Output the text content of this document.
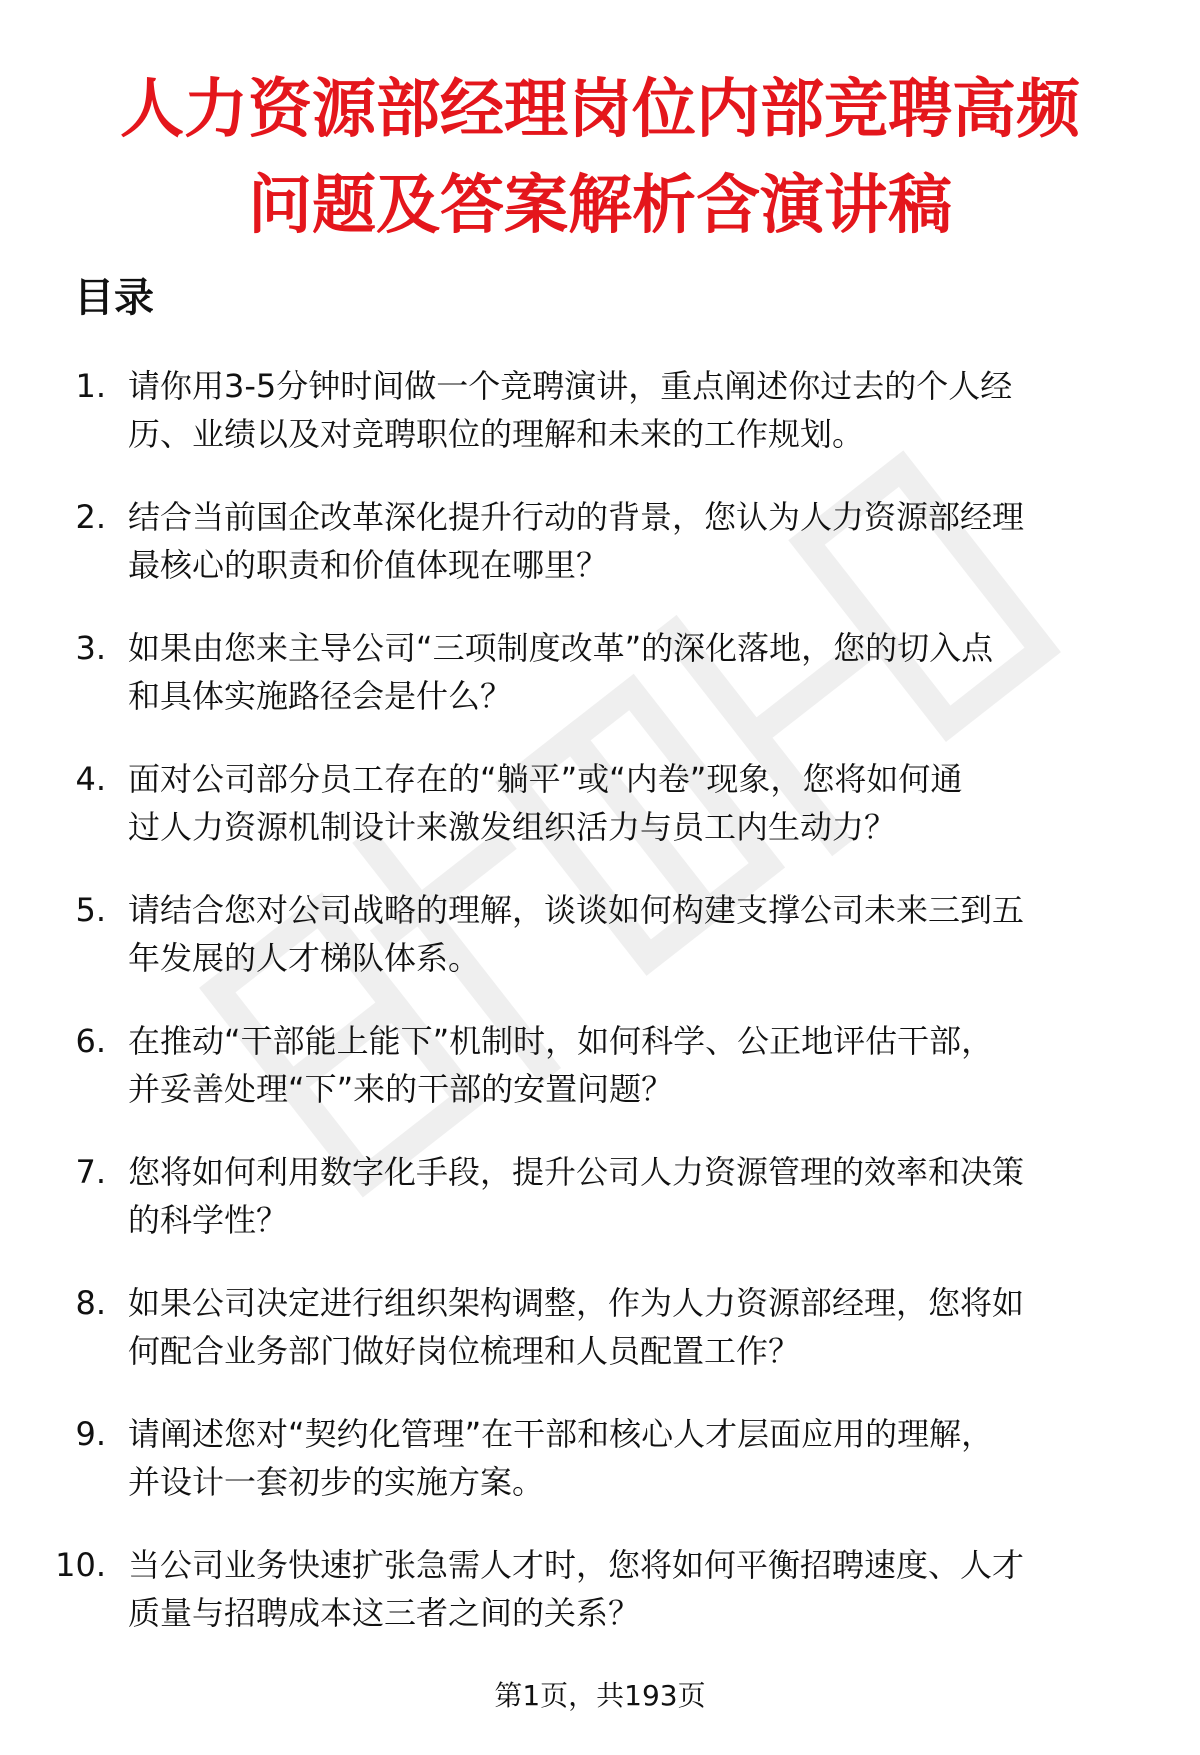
人力资源部经理岗位内部竞聘高频
问题及答案解析含演讲稿
目录
1. 请你用3-5分钟时间做一个竞聘演讲，重点阐述你过去的个人经
历、业绩以及对竞聘职位的理解和未来的工作规划。
2. 结合当前国企改革深化提升行动的背景，您认为人力资源部经理
最核心的职责和价值体现在哪里？
3. 如果由您来主导公司“三项制度改革”的深化落地，您的切入点
和具体实施路径会是什么？
4. 面对公司部分员工存在的“躺平”或“内卷”现象，您将如何通
过人力资源机制设计来激发组织活力与员工内生动力？
5. 请结合您对公司战略的理解，谈谈如何构建支撑公司未来三到五
年发展的人才梯队体系。
6. 在推动“干部能上能下”机制时，如何科学、公正地评估干部，
并妥善处理“下”来的干部的安置问题？
7. 您将如何利用数字化手段，提升公司人力资源管理的效率和决策
的科学性？
8. 如果公司决定进行组织架构调整，作为人力资源部经理，您将如
何配合业务部门做好岗位梳理和人员配置工作？
9. 请阐述您对“契约化管理”在干部和核心人才层面应用的理解，
并设计一套初步的实施方案。
10. 当公司业务快速扩张急需人才时，您将如何平衡招聘速度、人才
质量与招聘成本这三者之间的关系？
第1页，共193页
